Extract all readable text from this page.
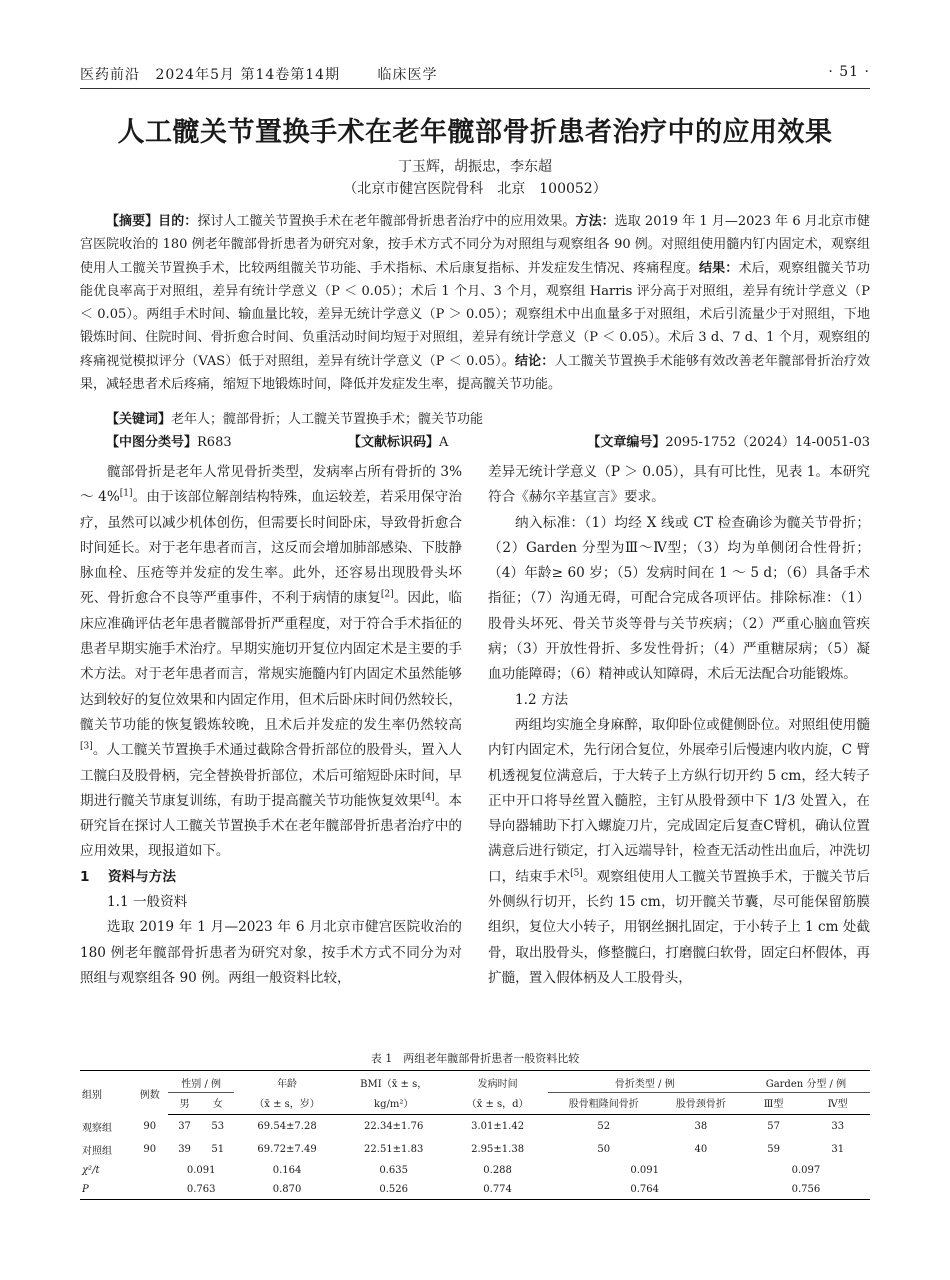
医药前沿 2024年5月 第14卷第14期	临床医学	· 51 ·
人工髋关节置换手术在老年髋部骨折患者治疗中的应用效果
丁玉辉，胡振忠，李东超
（北京市健宫医院骨科　北京　100052）
【摘要】目的：探讨人工髋关节置换手术在老年髋部骨折患者治疗中的应用效果。方法：选取 2019 年 1 月—2023 年 6 月北京市健宫医院收治的 180 例老年髋部骨折患者为研究对象，按手术方式不同分为对照组与观察组各 90 例。对照组使用髓内钉内固定术，观察组使用人工髋关节置换手术，比较两组髋关节功能、手术指标、术后康复指标、并发症发生情况、疼痛程度。结果：术后，观察组髋关节功能优良率高于对照组，差异有统计学意义（P ＜ 0.05）；术后 1 个月、3 个月，观察组 Harris 评分高于对照组，差异有统计学意义（P ＜ 0.05）。两组手术时间、输血量比较，差异无统计学意义（P ＞ 0.05）；观察组术中出血量多于对照组，术后引流量少于对照组，下地锻炼时间、住院时间、骨折愈合时间、负重活动时间均短于对照组，差异有统计学意义（P ＜ 0.05）。术后 3 d、7 d、1 个月，观察组的疼痛视觉模拟评分（VAS）低于对照组，差异有统计学意义（P ＜ 0.05）。结论：人工髋关节置换手术能够有效改善老年髋部骨折治疗效果，减轻患者术后疼痛，缩短下地锻炼时间，降低并发症发生率，提高髋关节功能。
【关键词】老年人；髋部骨折；人工髋关节置换手术；髋关节功能
【中图分类号】R683	【文献标识码】A	【文章编号】2095-1752（2024）14-0051-03

髋部骨折是老年人常见骨折类型，发病率占所有骨折的 3% ～ 4%[1]。由于该部位解剖结构特殊，血运较差，若采用保守治疗，虽然可以减少机体创伤，但需要长时间卧床，导致骨折愈合时间延长。对于老年患者而言，这反而会增加肺部感染、下肢静脉血栓、压疮等并发症的发生率。此外，还容易出现股骨头坏死、骨折愈合不良等严重事件，不利于病情的康复[2]。因此，临床应准确评估老年患者髋部骨折严重程度，对于符合手术指征的患者早期实施手术治疗。早期实施切开复位内固定术是主要的手术方法。对于老年患者而言，常规实施髓内钉内固定术虽然能够达到较好的复位效果和内固定作用，但术后卧床时间仍然较长，髋关节功能的恢复锻炼较晚，且术后并发症的发生率仍然较高[3]。人工髋关节置换手术通过截除含骨折部位的股骨头，置入人工髋臼及股骨柄，完全替换骨折部位，术后可缩短卧床时间，早期进行髋关节康复训练，有助于提高髋关节功能恢复效果[4]。本研究旨在探讨人工髋关节置换手术在老年髋部骨折患者治疗中的应用效果，现报道如下。

1 资料与方法

1.1 一般资料

选取 2019 年 1 月—2023 年 6 月北京市健宫医院收治的 180 例老年髋部骨折患者为研究对象，按手术方式不同分为对照组与观察组各 90 例。两组一般资料比较，

差异无统计学意义（P ＞ 0.05），具有可比性，见表 1。本研究符合《赫尔辛基宣言》要求。

纳入标准：（1）均经 X 线或 CT 检查确诊为髋关节骨折；（2）Garden 分型为Ⅲ～Ⅳ型；（3）均为单侧闭合性骨折；（4）年龄≥ 60 岁；（5）发病时间在 1 ～ 5 d；（6）具备手术指征；（7）沟通无碍，可配合完成各项评估。排除标准：（1）股骨头坏死、骨关节炎等骨与关节疾病；（2）严重心脑血管疾病；（3）开放性骨折、多发性骨折；（4）严重糖尿病；（5）凝血功能障碍；（6）精神或认知障碍，术后无法配合功能锻炼。

1.2 方法

两组均实施全身麻醉，取仰卧位或健侧卧位。对照组使用髓内钉内固定术，先行闭合复位，外展牵引后慢速内收内旋，C 臂机透视复位满意后，于大转子上方纵行切开约 5 cm，经大转子正中开口将导丝置入髓腔，主钉从股骨颈中下 1/3 处置入，在导向器辅助下打入螺旋刀片，完成固定后复查C臂机，确认位置满意后进行锁定，打入远端导针，检查无活动性出血后，冲洗切口，结束手术[5]。观察组使用人工髋关节置换手术，于髋关节后外侧纵行切开，长约 15 cm，切开髋关节囊，尽可能保留筋膜组织，复位大小转子，用钢丝捆扎固定，于小转子上 1 cm 处截骨，取出股骨头，修整髋臼，打磨髋臼软骨，固定臼杯假体，再扩髓，置入假体柄及人工股骨头，

表 1　两组老年髋部骨折患者一般资料比较
组别	例数	性别 / 例		年龄	BMI（x̄ ± s，	发病时间	骨折类型 / 例		Garden 分型 / 例	
		男	女	（x̄ ± s，岁）	kg/m²）	（x̄ ± s，d）	股骨粗隆间骨折	股骨颈骨折	Ⅲ型	Ⅳ型
观察组	90	37	53	69.54±7.28	22.34±1.76	3.01±1.42	52	38	57	33
对照组	90	39	51	69.72±7.49	22.51±1.83	2.95±1.38	50	40	59	31
χ²/t		0.091		0.164	0.635	0.288	0.091		0.097	
P		0.763		0.870	0.526	0.774	0.764		0.756	
